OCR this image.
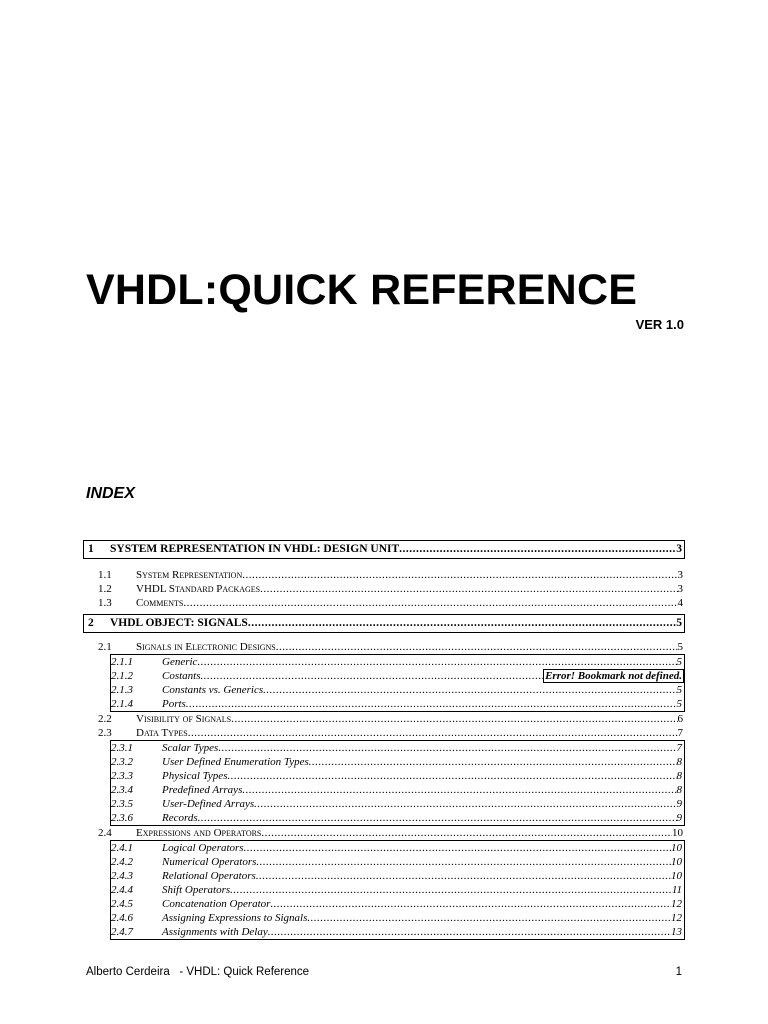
VHDL:QUICK REFERENCE
VER 1.0
INDEX
1	SYSTEM REPRESENTATION IN VHDL: DESIGN UNIT .....	3
1.1	System Representation .....	3
1.2	VHDL Standard Packages .....	3
1.3	Comments .....	4
2	VHDL OBJECT: SIGNALS .....	5
2.1	Signals in Electronic Designs .....	5
2.1.1	Generic .....	5
2.1.2	Costants .....	Error! Bookmark not defined.
2.1.3	Constants vs. Generics .....	5
2.1.4	Ports .....	5
2.2	Visibility of Signals .....	6
2.3	Data Types .....	7
2.3.1	Scalar Types .....	7
2.3.2	User Defined Enumeration Types .....	8
2.3.3	Physical Types .....	8
2.3.4	Predefined Arrays .....	8
2.3.5	User-Defined Arrays .....	9
2.3.6	Records .....	9
2.4	Expressions and Operators .....	10
2.4.1	Logical Operators .....	10
2.4.2	Numerical Operators .....	10
2.4.3	Relational Operators .....	10
2.4.4	Shift Operators .....	11
2.4.5	Concatenation Operator .....	12
2.4.6	Assigning Expressions to Signals .....	12
2.4.7	Assignments with Delay .....	13
Alberto Cerdeira   - VHDL: Quick Reference	1
